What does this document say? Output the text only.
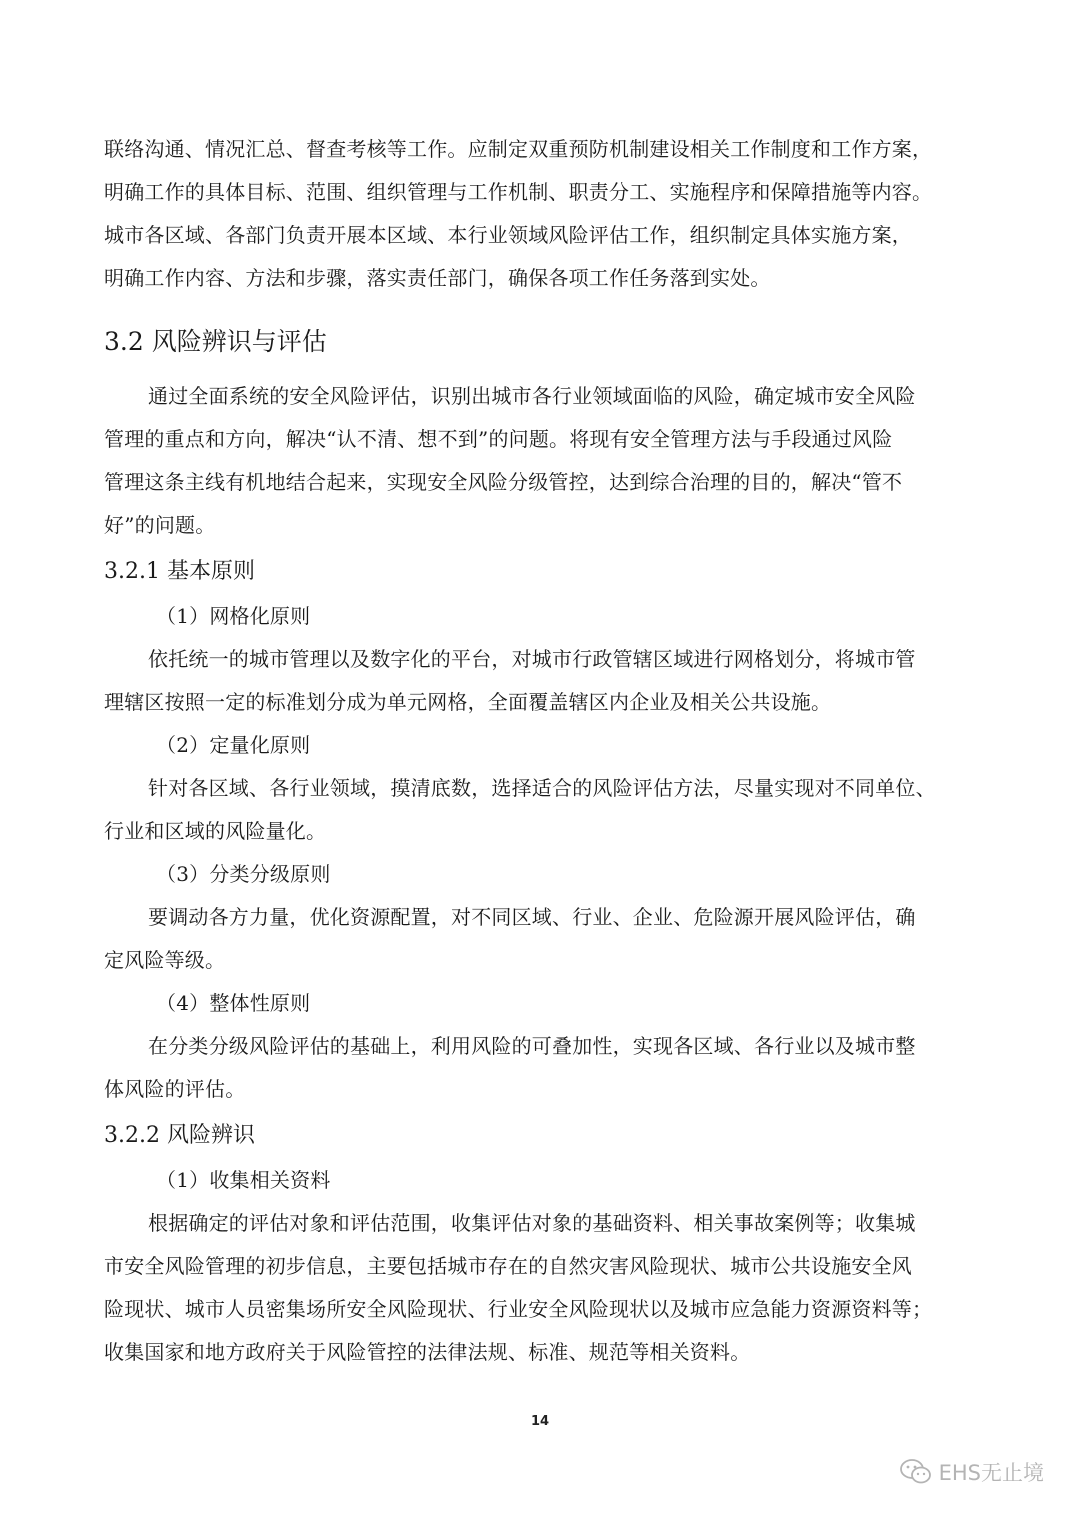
联络沟通、情况汇总、督查考核等工作。应制定双重预防机制建设相关工作制度和工作方案，
明确工作的具体目标、范围、组织管理与工作机制、职责分工、实施程序和保障措施等内容。
城市各区域、各部门负责开展本区域、本行业领域风险评估工作，组织制定具体实施方案，
明确工作内容、方法和步骤，落实责任部门，确保各项工作任务落到实处。
3.2 风险辨识与评估
通过全面系统的安全风险评估，识别出城市各行业领域面临的风险，确定城市安全风险
管理的重点和方向，解决“认不清、想不到”的问题。将现有安全管理方法与手段通过风险
管理这条主线有机地结合起来，实现安全风险分级管控，达到综合治理的目的，解决“管不
好”的问题。
3.2.1 基本原则
（1）网格化原则
依托统一的城市管理以及数字化的平台，对城市行政管辖区域进行网格划分，将城市管
理辖区按照一定的标准划分成为单元网格，全面覆盖辖区内企业及相关公共设施。
（2）定量化原则
针对各区域、各行业领域，摸清底数，选择适合的风险评估方法，尽量实现对不同单位、
行业和区域的风险量化。
（3）分类分级原则
要调动各方力量，优化资源配置，对不同区域、行业、企业、危险源开展风险评估，确
定风险等级。
（4）整体性原则
在分类分级风险评估的基础上，利用风险的可叠加性，实现各区域、各行业以及城市整
体风险的评估。
3.2.2 风险辨识
（1）收集相关资料
根据确定的评估对象和评估范围，收集评估对象的基础资料、相关事故案例等；收集城
市安全风险管理的初步信息，主要包括城市存在的自然灾害风险现状、城市公共设施安全风
险现状、城市人员密集场所安全风险现状、行业安全风险现状以及城市应急能力资源资料等；
收集国家和地方政府关于风险管控的法律法规、标准、规范等相关资料。
14
EHS无止境
